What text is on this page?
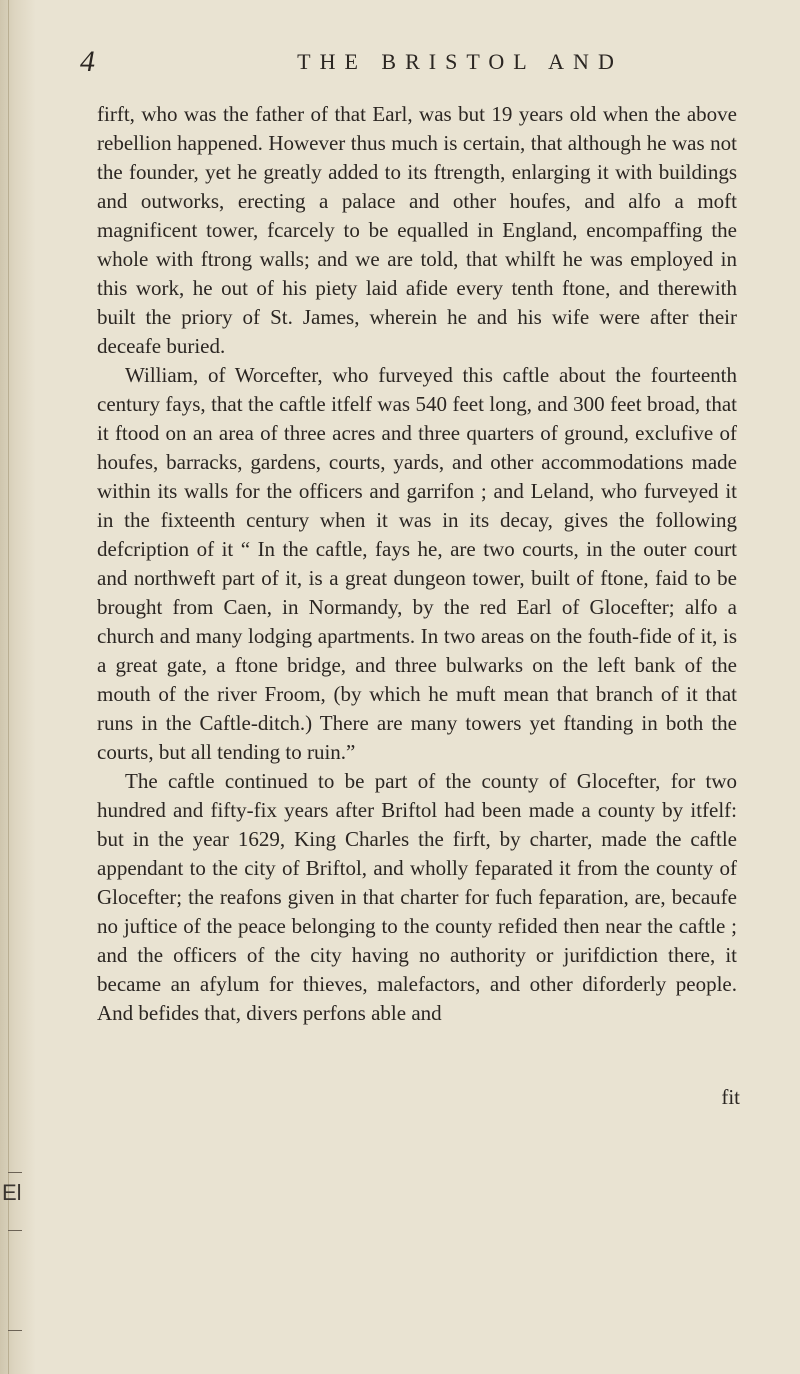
4	THE BRISTOL AND

firft, who was the father of that Earl, was but 19 years old when the above rebellion happened. However thus much is certain, that although he was not the founder, yet he greatly added to its ftrength, enlarging it with buildings and outworks, erecting a palace and other houfes, and alfo a moft magnificent tower, fcarcely to be equalled in England, encompaffing the whole with ftrong walls; and we are told, that whilft he was employed in this work, he out of his piety laid afide every tenth ftone, and therewith built the priory of St. James, wherein he and his wife were after their deceafe buried.

William, of Worcefter, who furveyed this caftle about the fourteenth century fays, that the caftle itfelf was 540 feet long, and 300 feet broad, that it ftood on an area of three acres and three quarters of ground, exclufive of houfes, barracks, gardens, courts, yards, and other accommodations made within its walls for the officers and garrifon ; and Leland, who furveyed it in the fixteenth century when it was in its decay, gives the following defcription of it “ In the caftle, fays he, are two courts, in the outer court and northweft part of it, is a great dungeon tower, built of ftone, faid to be brought from Caen, in Normandy, by the red Earl of Glocefter; alfo a church and many lodging apartments. In two areas on the fouth-fide of it, is a great gate, a ftone bridge, and three bulwarks on the left bank of the mouth of the river Froom, (by which he muft mean that branch of it that runs in the Caftle-ditch.) There are many towers yet ftanding in both the courts, but all tending to ruin.”

The caftle continued to be part of the county of Glocefter, for two hundred and fifty-fix years after Briftol had been made a county by itfelf: but in the year 1629, King Charles the firft, by charter, made the caftle appendant to the city of Briftol, and wholly feparated it from the county of Glocefter; the reafons given in that charter for fuch feparation, are, becaufe no juftice of the peace belonging to the county refided then near the caftle ; and the officers of the city having no authority or jurifdiction there, it became an afylum for thieves, malefactors, and other diforderly people. And befides that, divers perfons able and

fit
El
